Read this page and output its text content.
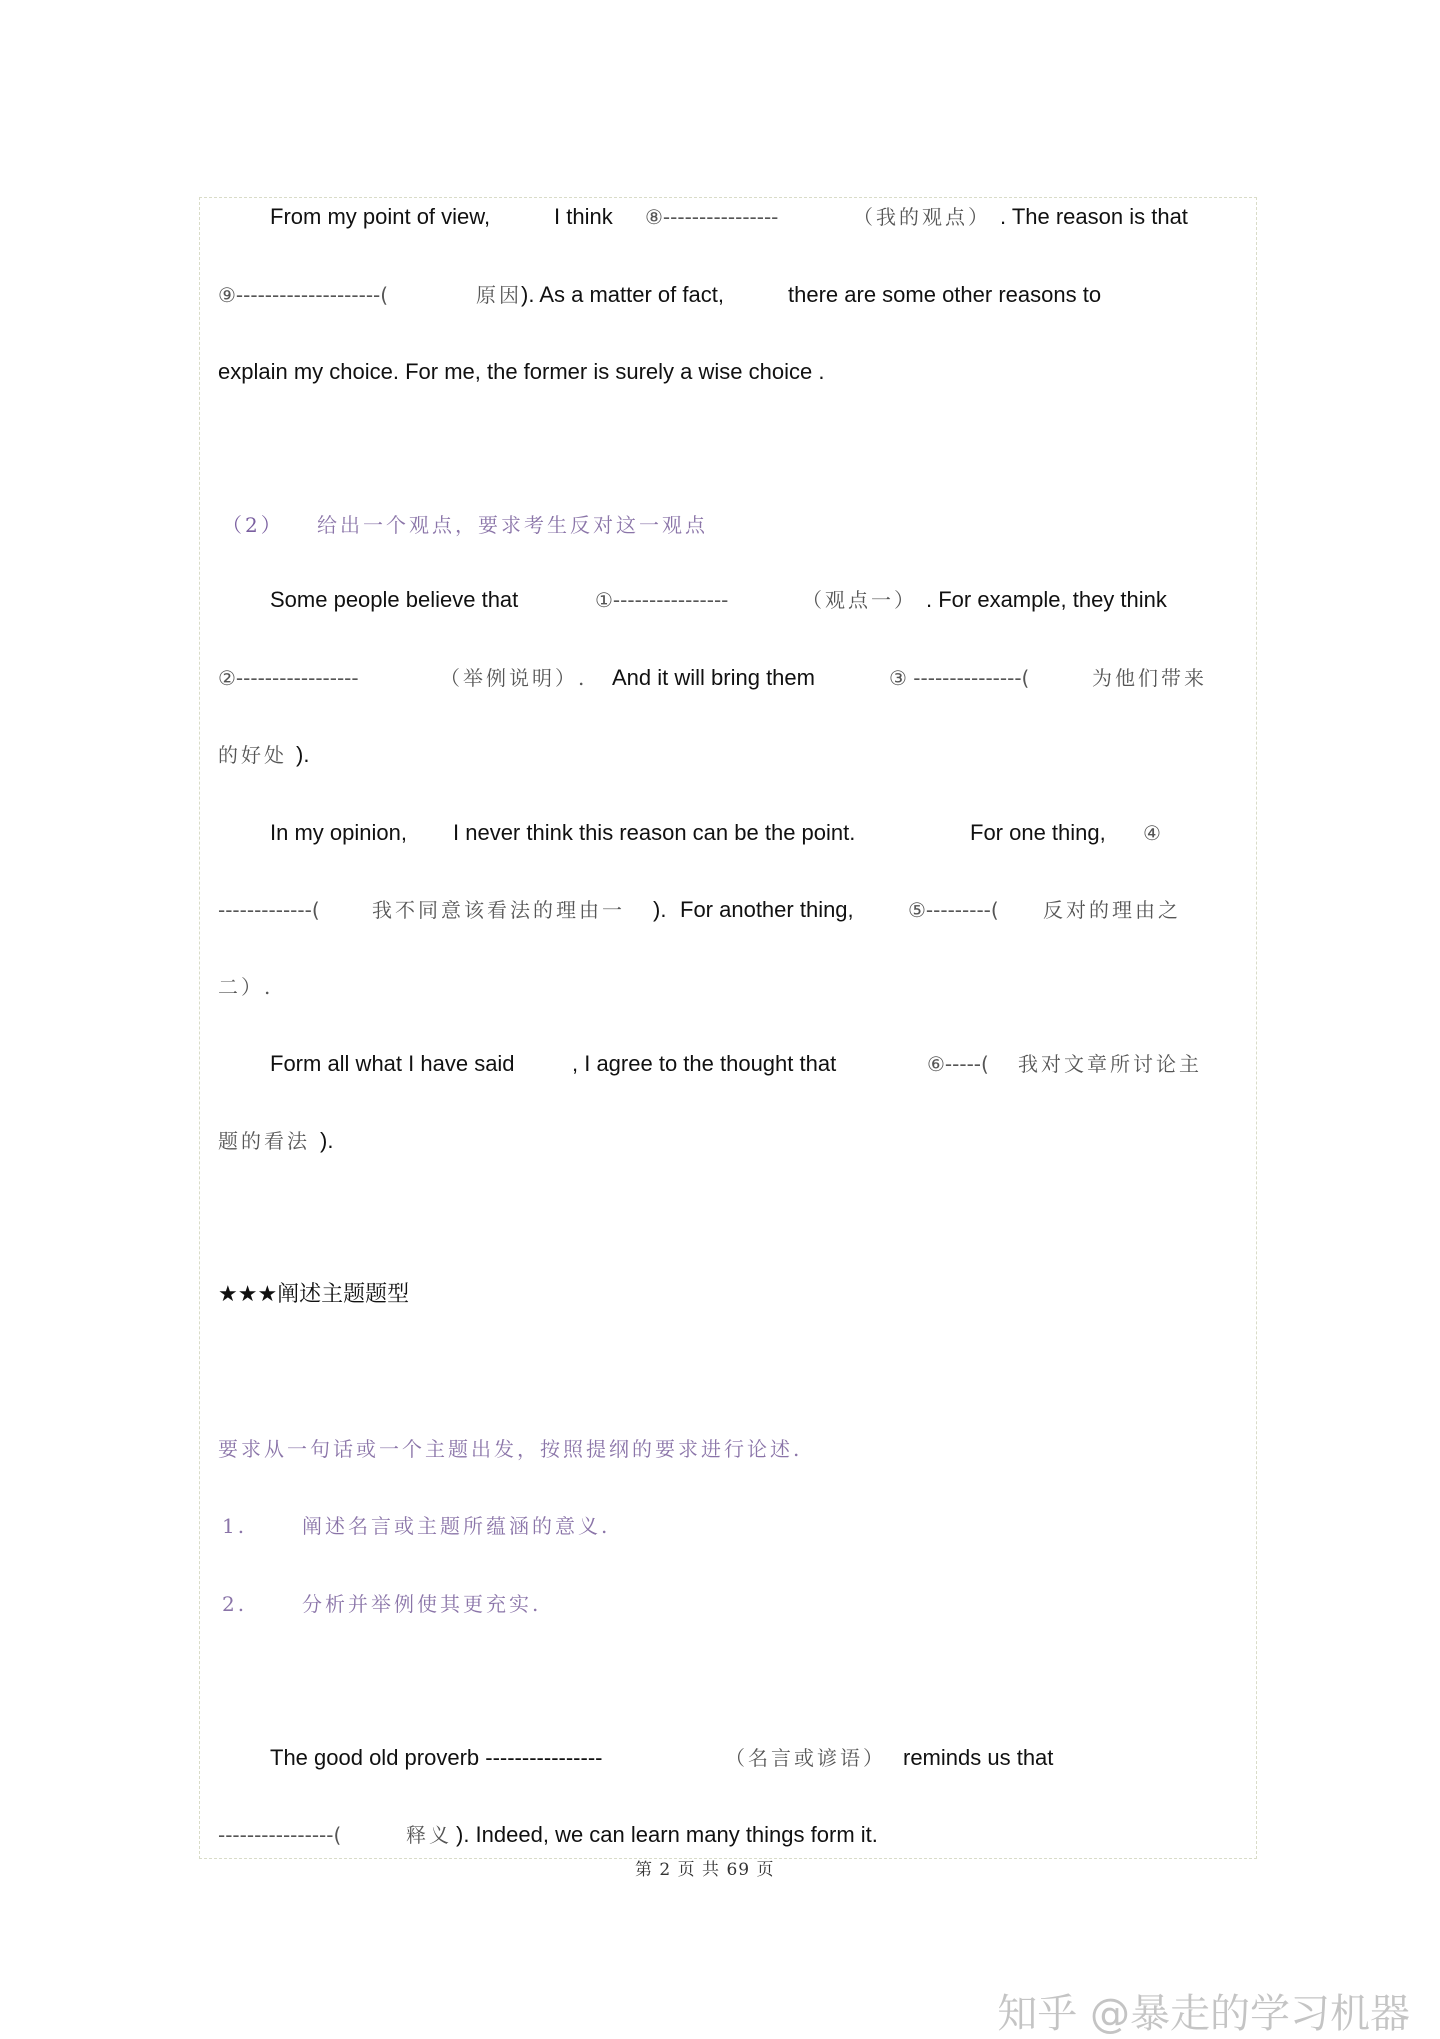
From my point of view,	I think ⑧----------------	（我的观点） . The reason is that
⑨--------------------(	原因 ). As a matter of fact,	there are some other reasons to
explain my choice. For me, the former is surely a wise choice .
（2） 给出一个观点，要求考生反对这一观点
Some people believe that	①----------------	（观点一） . For example, they think
②-----------------	（举例说明）. And it will bring them	③ ---------------(	为他们带来
的好处 ).
In my opinion, I never think this reason can be the point.	For one thing, ④
-------------(	我不同意该看法的理由一 ). For another thing,	⑤---------( 反对的理由之
二）.
Form all what I have said	, I agree to the thought that	⑥-----( 我对文章所讨论主
题的看法 ).
★★★阐述主题题型
要求从一句话或一个主题出发，按照提纲的要求进行论述.
1.	阐述名言或主题所蕴涵的意义.
2.	分析并举例使其更充实.
The good old proverb ----------------	（名言或谚语） reminds us that
----------------(	释义 ). Indeed, we can learn many things form it.
第 2 页 共 69 页
知乎 @暴走的学习机器
